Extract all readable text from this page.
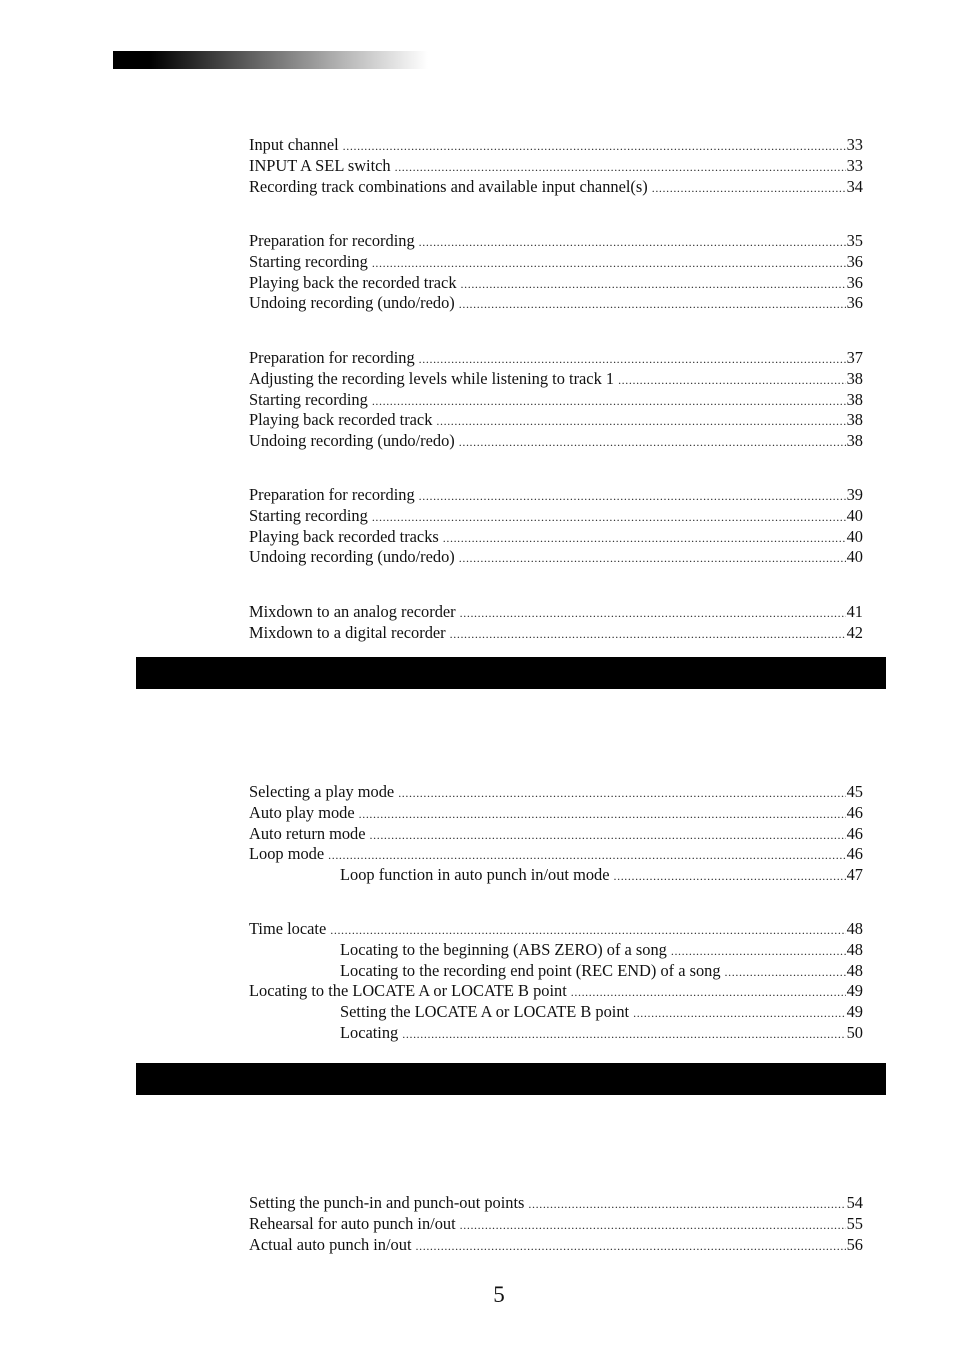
Input channel .....	33
INPUT A SEL switch .....	33
Recording track combinations and available input channel(s) .....	34
Preparation for recording .....	35
Starting recording .....	36
Playing back the recorded track .....	36
Undoing recording (undo/redo) .....	36
Preparation for recording .....	37
Adjusting the recording levels while listening to track 1 .....	38
Starting recording .....	38
Playing back recorded track .....	38
Undoing recording (undo/redo) .....	38
Preparation for recording .....	39
Starting recording .....	40
Playing back recorded tracks .....	40
Undoing recording (undo/redo) .....	40
Mixdown to an analog recorder .....	41
Mixdown to a digital recorder .....	42
Selecting a play mode .....	45
Auto play mode .....	46
Auto return mode .....	46
Loop mode .....	46
Loop function in auto punch in/out mode .....	47
Time locate .....	48
Locating to the beginning (ABS ZERO) of a song .....	48
Locating to the recording end point (REC END) of a song .....	48
Locating to the LOCATE A or LOCATE B point .....	49
Setting the LOCATE A or LOCATE B point .....	49
Locating .....	50
Setting the punch-in and punch-out points .....	54
Rehearsal for auto punch in/out .....	55
Actual auto punch in/out .....	56
5
